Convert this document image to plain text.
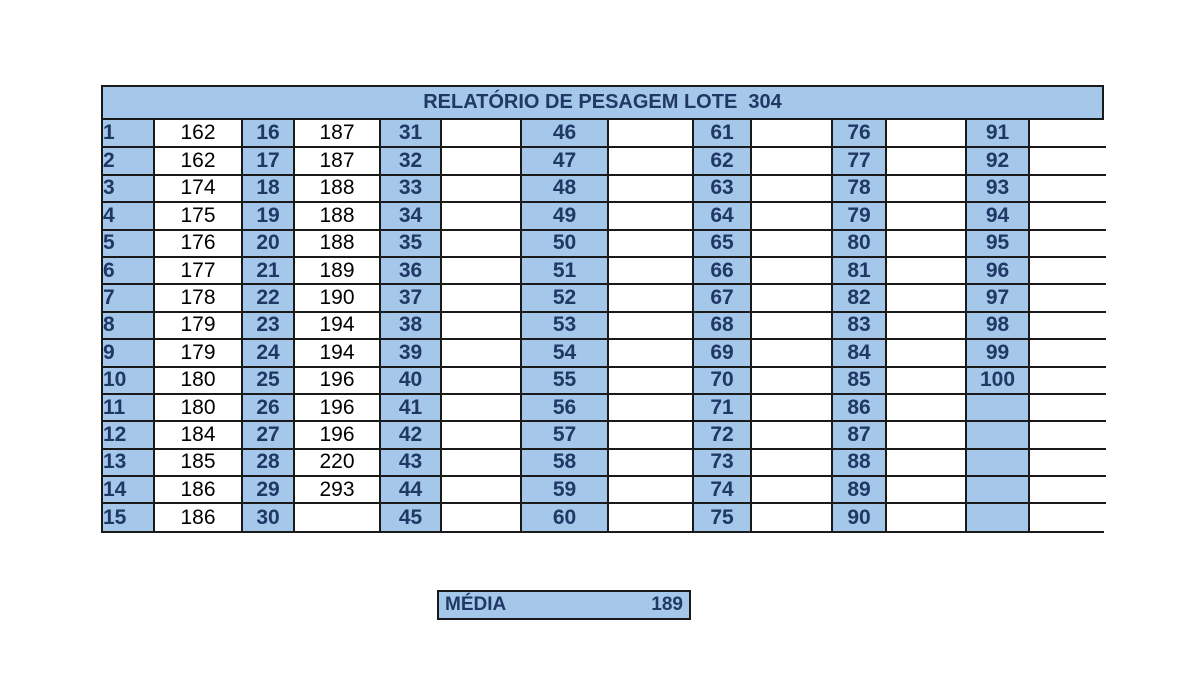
RELATÓRIO DE PESAGEM LOTE  304
1	162	16	187	31		46		61		76		91	
2	162	17	187	32		47		62		77		92	
3	174	18	188	33		48		63		78		93	
4	175	19	188	34		49		64		79		94	
5	176	20	188	35		50		65		80		95	
6	177	21	189	36		51		66		81		96	
7	178	22	190	37		52		67		82		97	
8	179	23	194	38		53		68		83		98	
9	179	24	194	39		54		69		84		99	
10	180	25	196	40		55		70		85		100	
11	180	26	196	41		56		71		86			
12	184	27	196	42		57		72		87			
13	185	28	220	43		58		73		88			
14	186	29	293	44		59		74		89			
15	186	30		45		60		75		90			
MÉDIA	189
